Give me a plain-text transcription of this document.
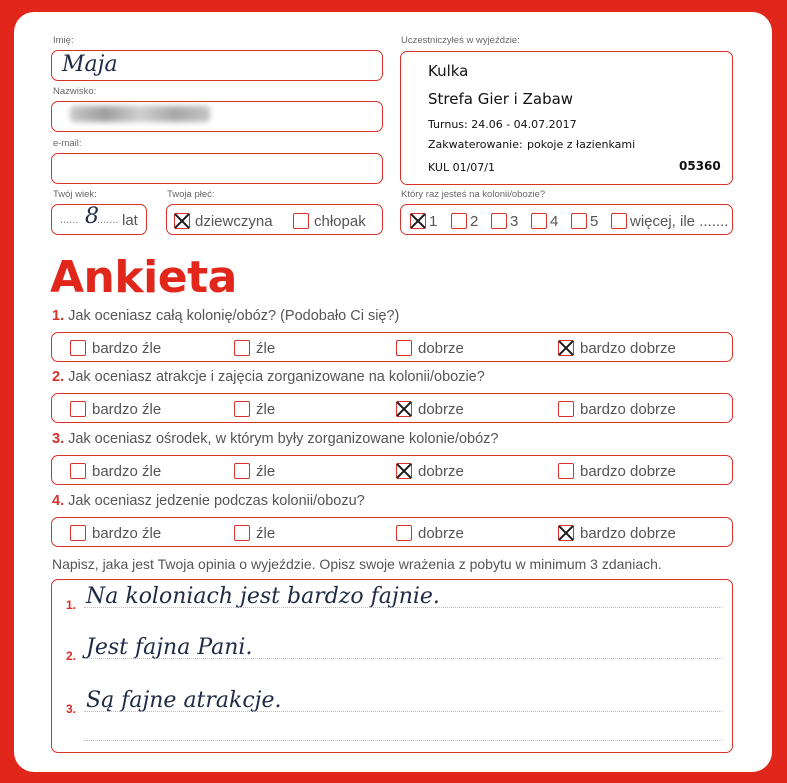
Imię:
Maja
Nazwisko:
e-mail:
Twój wiek:
...... 8
....... lat
Twoja płeć:
dziewczyna	chłopak
Uczestniczyłeś w wyjeździe:
Kulka
Strefa Gier i Zabaw
Turnus: 24.06 - 04.07.2017
Zakwaterowanie: pokoje z łazienkami
KUL 01/07/1	05360
Który raz jesteś na kolonii/obozie?
1	2	3	4	5	więcej, ile .......
Ankieta
1. Jak oceniasz całą kolonię/obóz? (Podobało Ci się?)
bardzo źle	źle	dobrze	bardzo dobrze
2. Jak oceniasz atrakcje i zajęcia zorganizowane na kolonii/obozie?
bardzo źle	źle	dobrze	bardzo dobrze
3. Jak oceniasz ośrodek, w którym były zorganizowane kolonie/obóz?
bardzo źle	źle	dobrze	bardzo dobrze
4. Jak oceniasz jedzenie podczas kolonii/obozu?
bardzo źle	źle	dobrze	bardzo dobrze
Napisz, jaka jest Twoja opinia o wyjeździe. Opisz swoje wrażenia z pobytu w minimum 3 zdaniach.
1. Na koloniach jest bardzo fajnie.
2. Jest fajna Pani.
3. Są fajne atrakcje.
